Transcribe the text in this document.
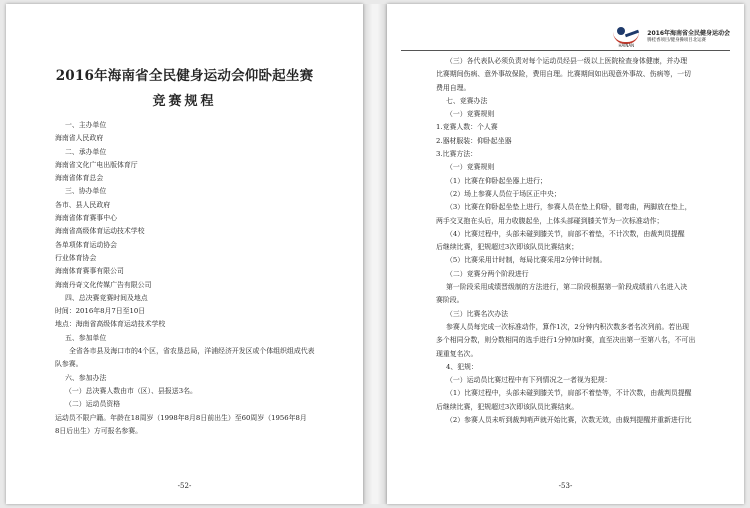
2016年海南省全民健身运动会仰卧起坐赛
竞赛规程
一、主办单位
海南省人民政府
二、承办单位
海南省文化广电出版体育厅
海南省体育总会
三、协办单位
各市、县人民政府
海南省体育赛事中心
海南省高级体育运动技术学校
各单项体育运动协会
行业体育协会
海南体育赛事有限公司
海南丹奇文化传媒广告有限公司
四、总决赛竞赛时间及地点
时间：2016年8月7日至10日
地点：海南省高级体育运动技术学校
五、参加单位
全省各市县及海口市的4个区，省农垦总局，洋浦经济开发区或个体组织组成代表
队参赛。
六、参加办法
（一）总决赛人数由市（区）、县报送3名。
（二）运动员资格
运动员不限户籍。年龄在18周岁（1998年8月8日前出生）至60周岁（1956年8月
8日后出生）方可报名参赛。
-52-
HAINAN
2016年海南省全民健身运动会
腾桂香项目/健身操项目北运赛
（三）各代表队必须负责对每个运动员经县一级以上医院检查身体健康，并办理
比赛期间伤病、意外事故保险，费用自理。比赛期间如出现意外事故、伤病等，一切
费用自理。
七、竞赛办法
（一）竞赛规则
1.竞赛人数：个人赛
2.器材服装：仰卧起坐器
3.比赛方法：
（一）竞赛规则
（1）比赛在仰卧起坐器上进行；
（2）场上参赛人员位于场区正中央；
（3）比赛在仰卧起坐垫上进行，参赛人员在垫上仰卧，腿弯曲，两脚放在垫上，
两手交叉抱在头后，用力收腹起坐，上体头部碰到膝关节为一次标准动作；
（4）比赛过程中，头部未碰到膝关节，肩部不着垫，不计次数，由裁判员提醒
后继续比赛，犯规超过3次即该队员比赛结束；
（5）比赛采用计时制，每局比赛采用2分钟计时制。
（二）竞赛分两个阶段进行
第一阶段采用成绩晋级制的方法进行，第二阶段根据第一阶段成绩前八名进入决
赛阶段。
（三）比赛名次办法
参赛人员每完成一次标准动作，算作1次，2分钟内积次数多者名次列前。若出现
多个相同分数，则分数相同的选手进行1分钟加时赛，直至决出第一至第八名，不可出
现重复名次。
4、犯规：
（一）运动员比赛过程中有下列情况之一者视为犯规：
（1）比赛过程中，头部未碰到膝关节，肩部不着垫等，不计次数，由裁判员提醒
后继续比赛，犯规超过3次即该队员比赛结束。
（2）参赛人员未听到裁判哨声就开始比赛，次数无效，由裁判提醒并重新进行比
-53-
